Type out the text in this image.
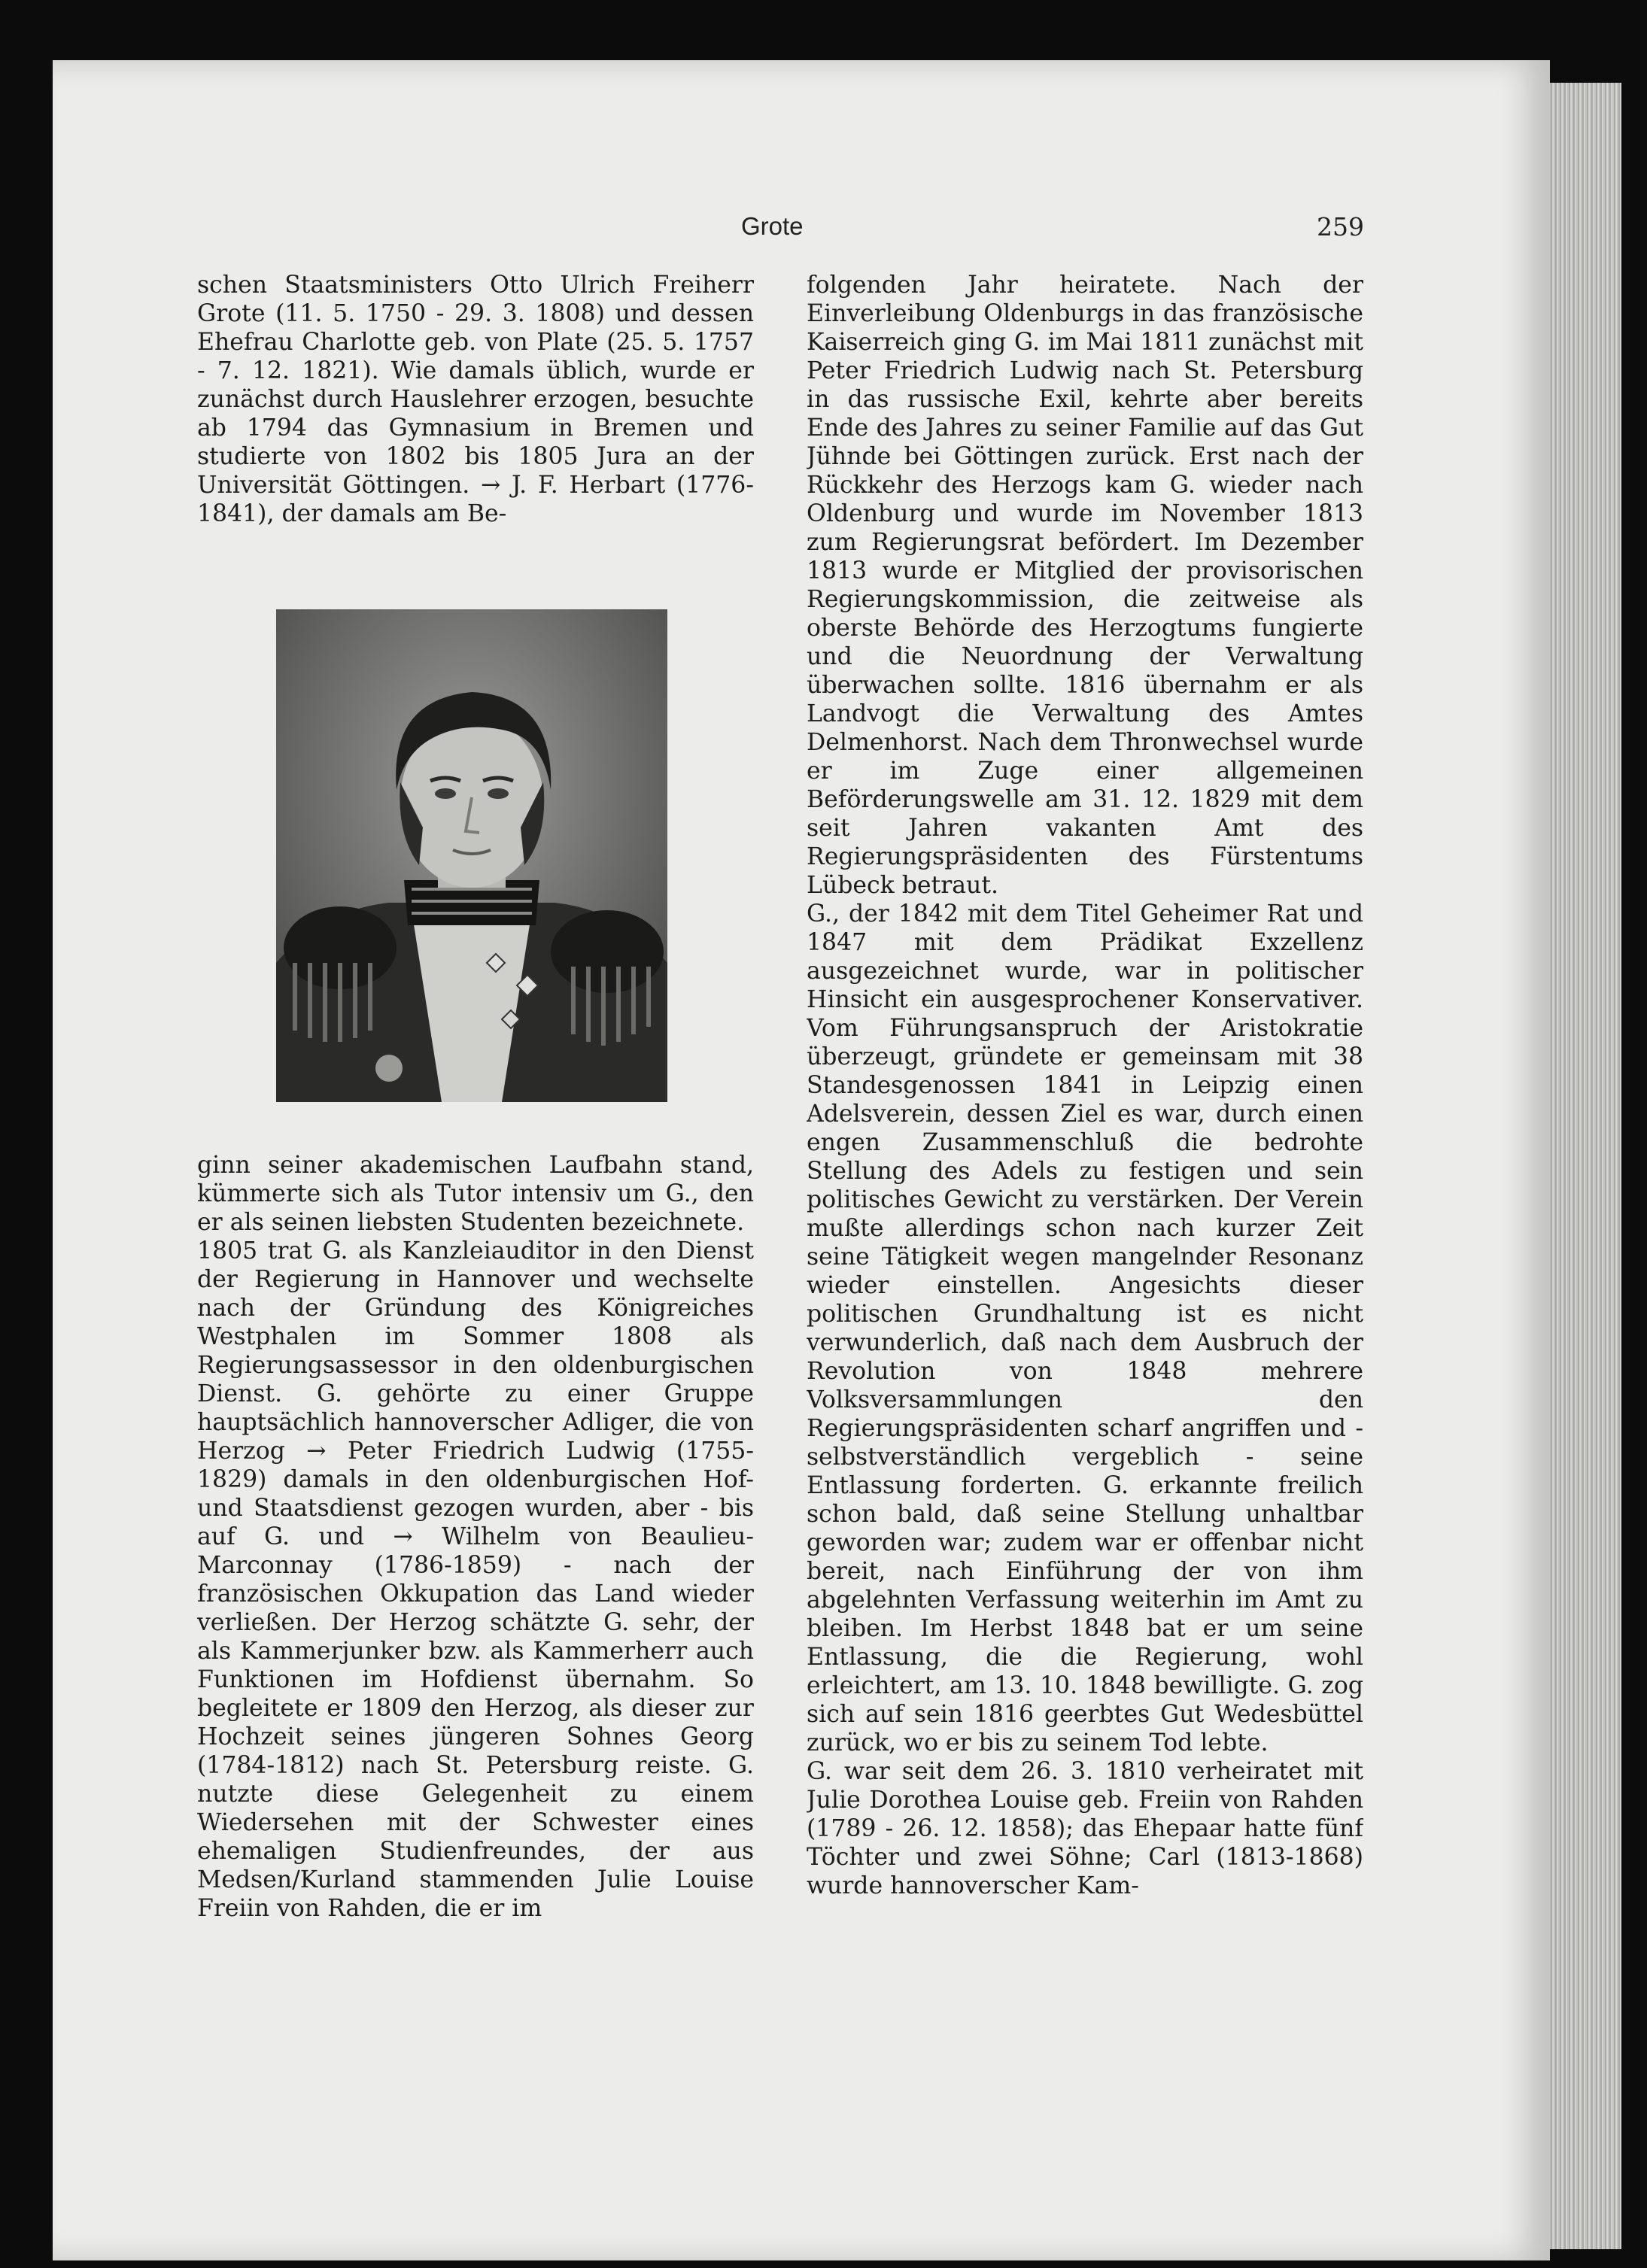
Grote	259

schen Staatsministers Otto Ulrich Freiherr Grote (11. 5. 1750 - 29. 3. 1808) und dessen Ehefrau Charlotte geb. von Plate (25. 5. 1757 - 7. 12. 1821). Wie damals üblich, wurde er zunächst durch Hauslehrer erzogen, besuchte ab 1794 das Gymnasium in Bremen und studierte von 1802 bis 1805 Jura an der Universität Göttingen. → J. F. Herbart (1776-1841), der damals am Be-

ginn seiner akademischen Laufbahn stand, kümmerte sich als Tutor intensiv um G., den er als seinen liebsten Studenten bezeichnete.

1805 trat G. als Kanzleiauditor in den Dienst der Regierung in Hannover und wechselte nach der Gründung des Königreiches Westphalen im Sommer 1808 als Regierungsassessor in den oldenburgischen Dienst. G. gehörte zu einer Gruppe hauptsächlich hannoverscher Adliger, die von Herzog → Peter Friedrich Ludwig (1755-1829) damals in den oldenburgischen Hof- und Staatsdienst gezogen wurden, aber - bis auf G. und → Wilhelm von Beaulieu-Marconnay (1786-1859) - nach der französischen Okkupation das Land wieder verließen. Der Herzog schätzte G. sehr, der als Kammerjunker bzw. als Kammerherr auch Funktionen im Hofdienst übernahm. So begleitete er 1809 den Herzog, als dieser zur Hochzeit seines jüngeren Sohnes Georg (1784-1812) nach St. Petersburg reiste. G. nutzte diese Gelegenheit zu einem Wiedersehen mit der Schwester eines ehemaligen Studienfreundes, der aus Medsen/Kurland stammenden Julie Louise Freiin von Rahden, die er im

folgenden Jahr heiratete. Nach der Einverleibung Oldenburgs in das französische Kaiserreich ging G. im Mai 1811 zunächst mit Peter Friedrich Ludwig nach St. Petersburg in das russische Exil, kehrte aber bereits Ende des Jahres zu seiner Familie auf das Gut Jühnde bei Göttingen zurück. Erst nach der Rückkehr des Herzogs kam G. wieder nach Oldenburg und wurde im November 1813 zum Regierungsrat befördert. Im Dezember 1813 wurde er Mitglied der provisorischen Regierungskommission, die zeitweise als oberste Behörde des Herzogtums fungierte und die Neuordnung der Verwaltung überwachen sollte. 1816 übernahm er als Landvogt die Verwaltung des Amtes Delmenhorst. Nach dem Thronwechsel wurde er im Zuge einer allgemeinen Beförderungswelle am 31. 12. 1829 mit dem seit Jahren vakanten Amt des Regierungspräsidenten des Fürstentums Lübeck betraut.

G., der 1842 mit dem Titel Geheimer Rat und 1847 mit dem Prädikat Exzellenz ausgezeichnet wurde, war in politischer Hinsicht ein ausgesprochener Konservativer. Vom Führungsanspruch der Aristokratie überzeugt, gründete er gemeinsam mit 38 Standesgenossen 1841 in Leipzig einen Adelsverein, dessen Ziel es war, durch einen engen Zusammenschluß die bedrohte Stellung des Adels zu festigen und sein politisches Gewicht zu verstärken. Der Verein mußte allerdings schon nach kurzer Zeit seine Tätigkeit wegen mangelnder Resonanz wieder einstellen. Angesichts dieser politischen Grundhaltung ist es nicht verwunderlich, daß nach dem Ausbruch der Revolution von 1848 mehrere Volksversammlungen den Regierungspräsidenten scharf angriffen und - selbstverständlich vergeblich - seine Entlassung forderten. G. erkannte freilich schon bald, daß seine Stellung unhaltbar geworden war; zudem war er offenbar nicht bereit, nach Einführung der von ihm abgelehnten Verfassung weiterhin im Amt zu bleiben. Im Herbst 1848 bat er um seine Entlassung, die die Regierung, wohl erleichtert, am 13. 10. 1848 bewilligte. G. zog sich auf sein 1816 geerbtes Gut Wedesbüttel zurück, wo er bis zu seinem Tod lebte.

G. war seit dem 26. 3. 1810 verheiratet mit Julie Dorothea Louise geb. Freiin von Rahden (1789 - 26. 12. 1858); das Ehepaar hatte fünf Töchter und zwei Söhne; Carl (1813-1868) wurde hannoverscher Kam-
